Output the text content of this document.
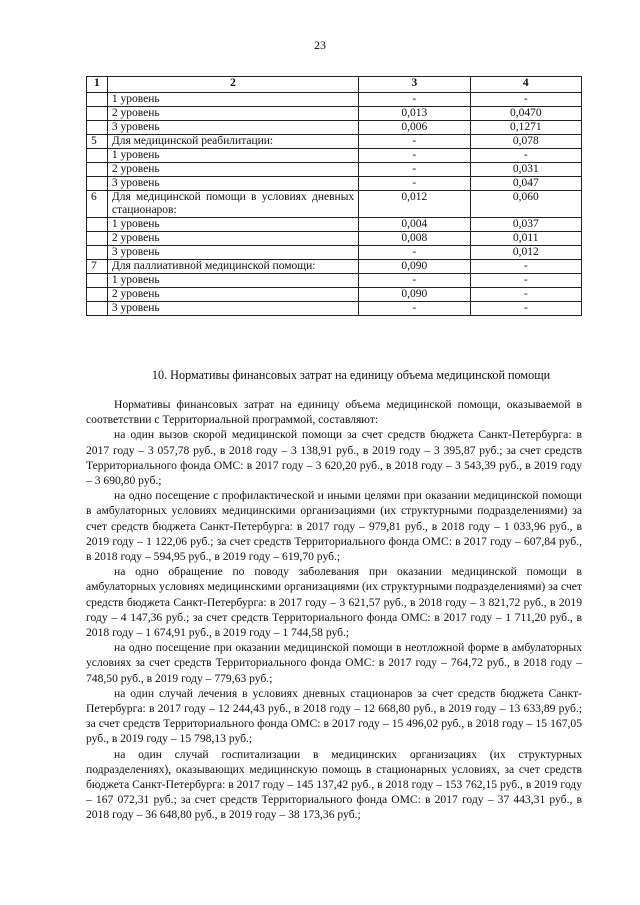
23
1	2	3	4
	1 уровень	-	-
	2 уровень	0,013	0,0470
	3 уровень	0,006	0,1271
5	Для медицинской реабилитации:	-	0,078
	1 уровень	-	-
	2 уровень	-	0,031
	3 уровень	-	0,047
6	Для медицинской помощи в условиях дневных стационаров:	0,012	0,060
	1 уровень	0,004	0,037
	2 уровень	0,008	0,011
	3 уровень	-	0,012
7	Для паллиативной медицинской помощи:	0,090	-
	1 уровень	-	-
	2 уровень	0,090	-
	3 уровень	-	-
10. Нормативы финансовых затрат на единицу объема медицинской помощи

Нормативы финансовых затрат на единицу объема медицинской помощи, оказываемой в соответствии с Территориальной программой, составляют:

на один вызов скорой медицинской помощи за счет средств бюджета Санкт-Петербурга: в 2017 году – 3 057,78 руб., в 2018 году – 3 138,91 руб., в 2019 году – 3 395,87 руб.; за счет средств Территориального фонда ОМС: в 2017 году – 3 620,20 руб., в 2018 году – 3 543,39 руб., в 2019 году – 3 690,80 руб.;

на одно посещение с профилактической и иными целями при оказании медицинской помощи в амбулаторных условиях медицинскими организациями (их структурными подразделениями) за счет средств бюджета Санкт-Петербурга: в 2017 году – 979,81 руб., в 2018 году – 1 033,96 руб., в 2019 году – 1 122,06 руб.; за счет средств Территориального фонда ОМС: в 2017 году – 607,84 руб., в 2018 году – 594,95 руб., в 2019 году – 619,70 руб.;

на одно обращение по поводу заболевания при оказании медицинской помощи в амбулаторных условиях медицинскими организациями (их структурными подразделениями) за счет средств бюджета Санкт-Петербурга: в 2017 году – 3 621,57 руб., в 2018 году – 3 821,72 руб., в 2019 году – 4 147,36 руб.; за счет средств Территориального фонда ОМС: в 2017 году – 1 711,20 руб., в 2018 году – 1 674,91 руб., в 2019 году – 1 744,58 руб.;

на одно посещение при оказании медицинской помощи в неотложной форме в амбулаторных условиях за счет средств Территориального фонда ОМС: в 2017 году – 764,72 руб., в 2018 году – 748,50 руб., в 2019 году – 779,63 руб.;

на один случай лечения в условиях дневных стационаров за счет средств бюджета Санкт-Петербурга: в 2017 году – 12 244,43 руб., в 2018 году – 12 668,80 руб., в 2019 году – 13 633,89 руб.; за счет средств Территориального фонда ОМС: в 2017 году – 15 496,02 руб., в 2018 году – 15 167,05 руб., в 2019 году – 15 798,13 руб.;

на один случай госпитализации в медицинских организациях (их структурных подразделениях), оказывающих медицинскую помощь в стационарных условиях, за счет средств бюджета Санкт-Петербурга: в 2017 году – 145 137,42 руб., в 2018 году – 153 762,15 руб., в 2019 году – 167 072,31 руб.; за счет средств Территориального фонда ОМС: в 2017 году – 37 443,31 руб., в 2018 году – 36 648,80 руб., в 2019 году – 38 173,36 руб.;
